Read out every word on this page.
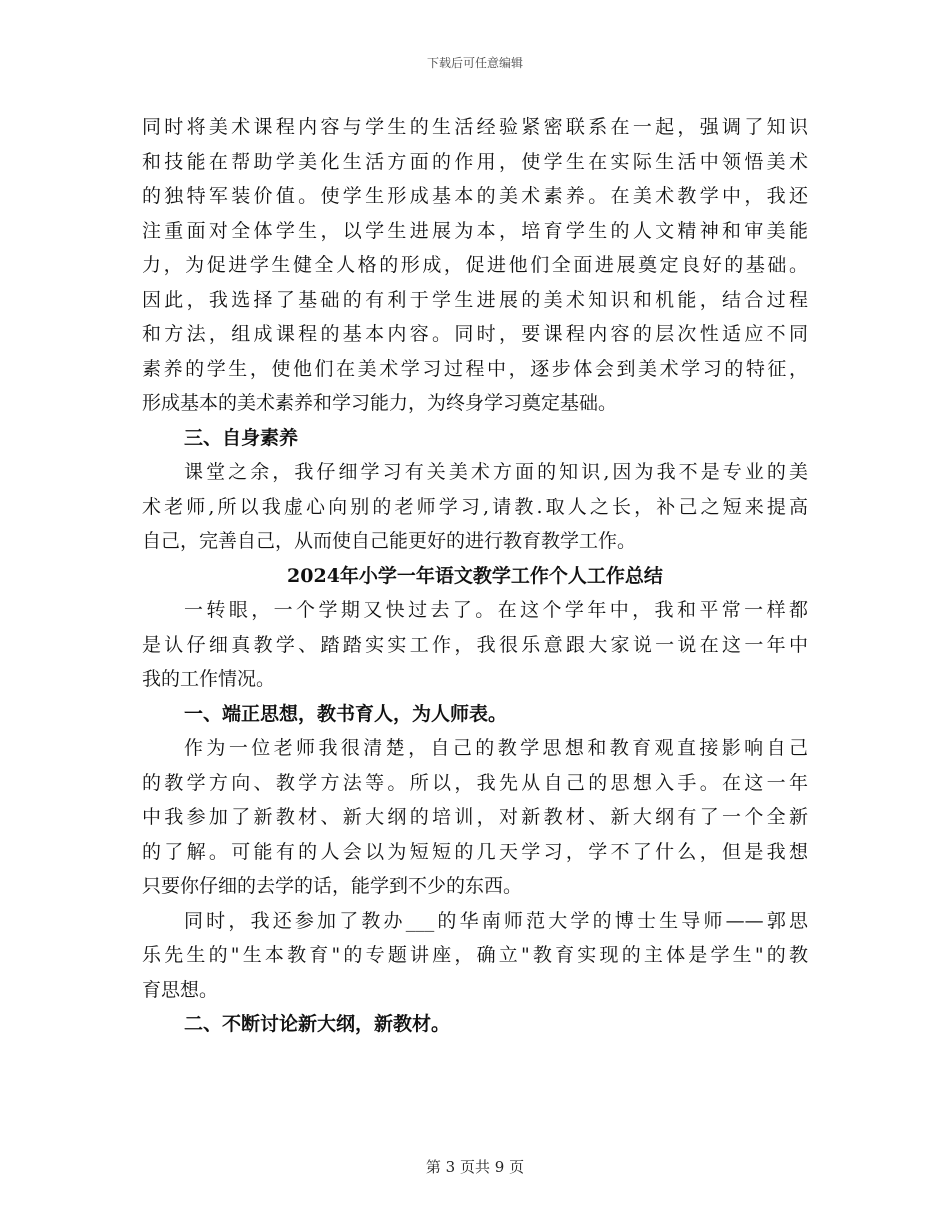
下载后可任意编辑
同时将美术课程内容与学生的生活经验紧密联系在一起，强调了知识
和技能在帮助学美化生活方面的作用，使学生在实际生活中领悟美术
的独特军装价值。使学生形成基本的美术素养。在美术教学中，我还
注重面对全体学生，以学生进展为本，培育学生的人文精神和审美能
力，为促进学生健全人格的形成，促进他们全面进展奠定良好的基础。
因此，我选择了基础的有利于学生进展的美术知识和机能，结合过程
和方法，组成课程的基本内容。同时，要课程内容的层次性适应不同
素养的学生，使他们在美术学习过程中，逐步体会到美术学习的特征，
形成基本的美术素养和学习能力，为终身学习奠定基础。
三、自身素养
课堂之余，我仔细学习有关美术方面的知识,因为我不是专业的美
术老师,所以我虚心向别的老师学习,请教.取人之长，补己之短来提高
自己，完善自己，从而使自己能更好的进行教育教学工作。
2024年小学一年语文教学工作个人工作总结
一转眼，一个学期又快过去了。在这个学年中，我和平常一样都
是认仔细真教学、踏踏实实工作，我很乐意跟大家说一说在这一年中
我的工作情况。
一、端正思想，教书育人，为人师表。
作为一位老师我很清楚，自己的教学思想和教育观直接影响自己
的教学方向、教学方法等。所以，我先从自己的思想入手。在这一年
中我参加了新教材、新大纲的培训，对新教材、新大纲有了一个全新
的了解。可能有的人会以为短短的几天学习，学不了什么，但是我想
只要你仔细的去学的话，能学到不少的东西。
同时，我还参加了教办___的华南师范大学的博士生导师——郭思
乐先生的"生本教育"的专题讲座，确立"教育实现的主体是学生"的教
育思想。
二、不断讨论新大纲，新教材。
第 3 页共 9 页
